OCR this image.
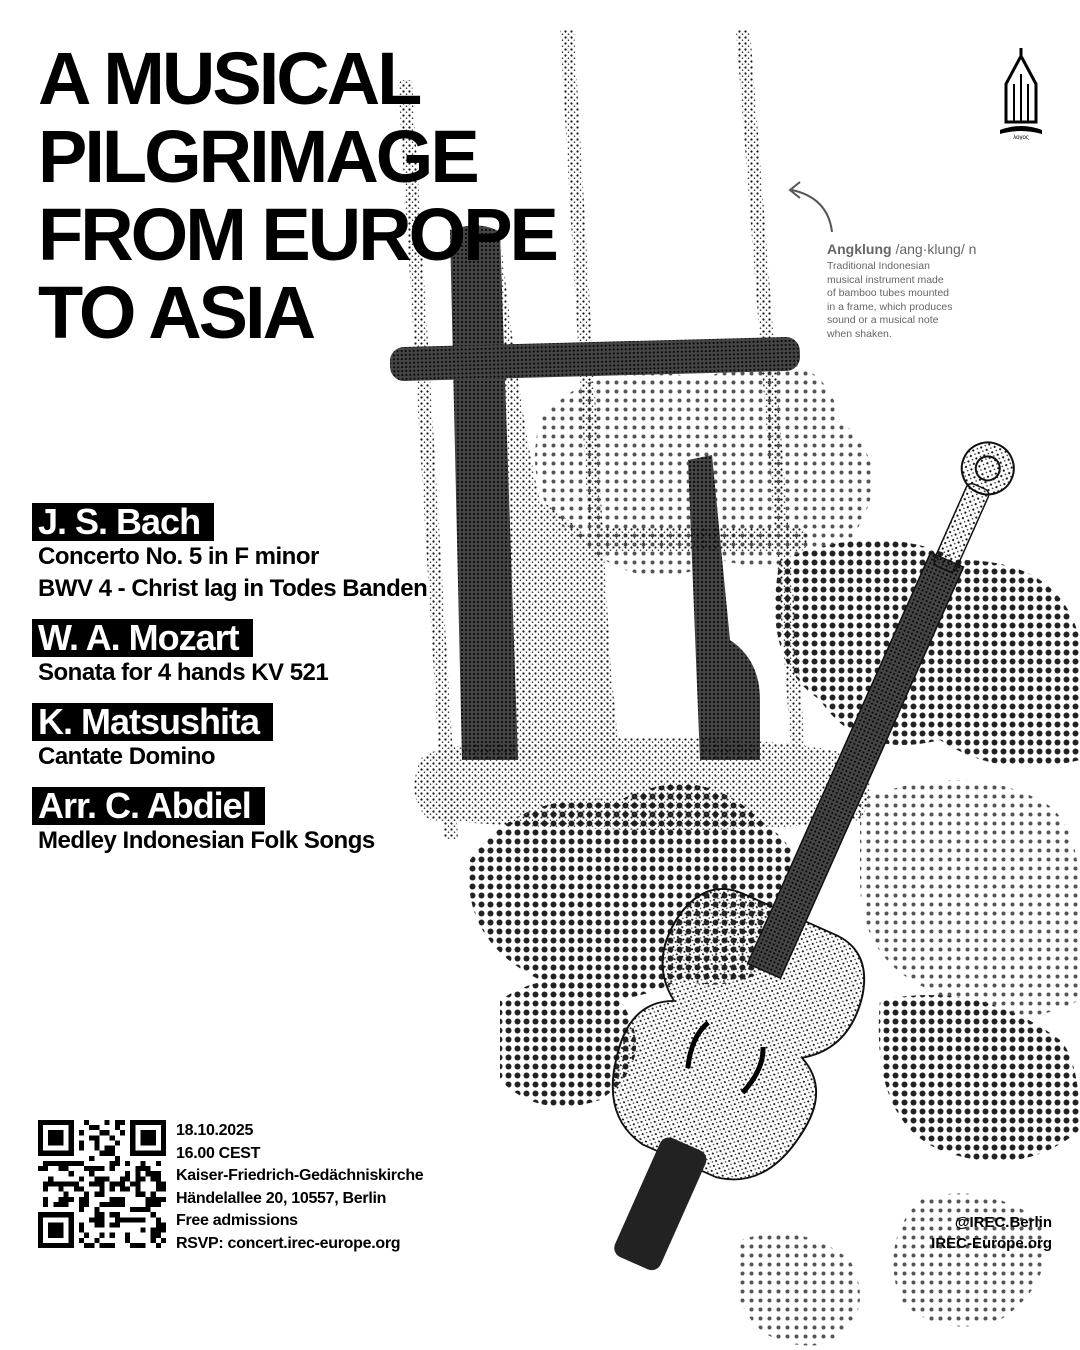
A MUSICAL
PILGRIMAGE
FROM EUROPE
TO ASIA
λογος
Angklung /ang·klung/ n
Traditional Indonesian
musical instrument made
of bamboo tubes mounted
in a frame, which produces
sound or a musical note
when shaken.
J. S. Bach
Concerto No. 5 in F minor
BWV 4 - Christ lag in Todes Banden
W. A. Mozart
Sonata for 4 hands KV 521
K. Matsushita
Cantate Domino
Arr. C. Abdiel
Medley Indonesian Folk Songs
18.10.2025
16.00 CEST
Kaiser-Friedrich-Gedächniskirche
Händelallee 20, 10557, Berlin
Free admissions
RSVP: concert.irec-europe.org
@IREC.Berlin
IREC-Europe.org
